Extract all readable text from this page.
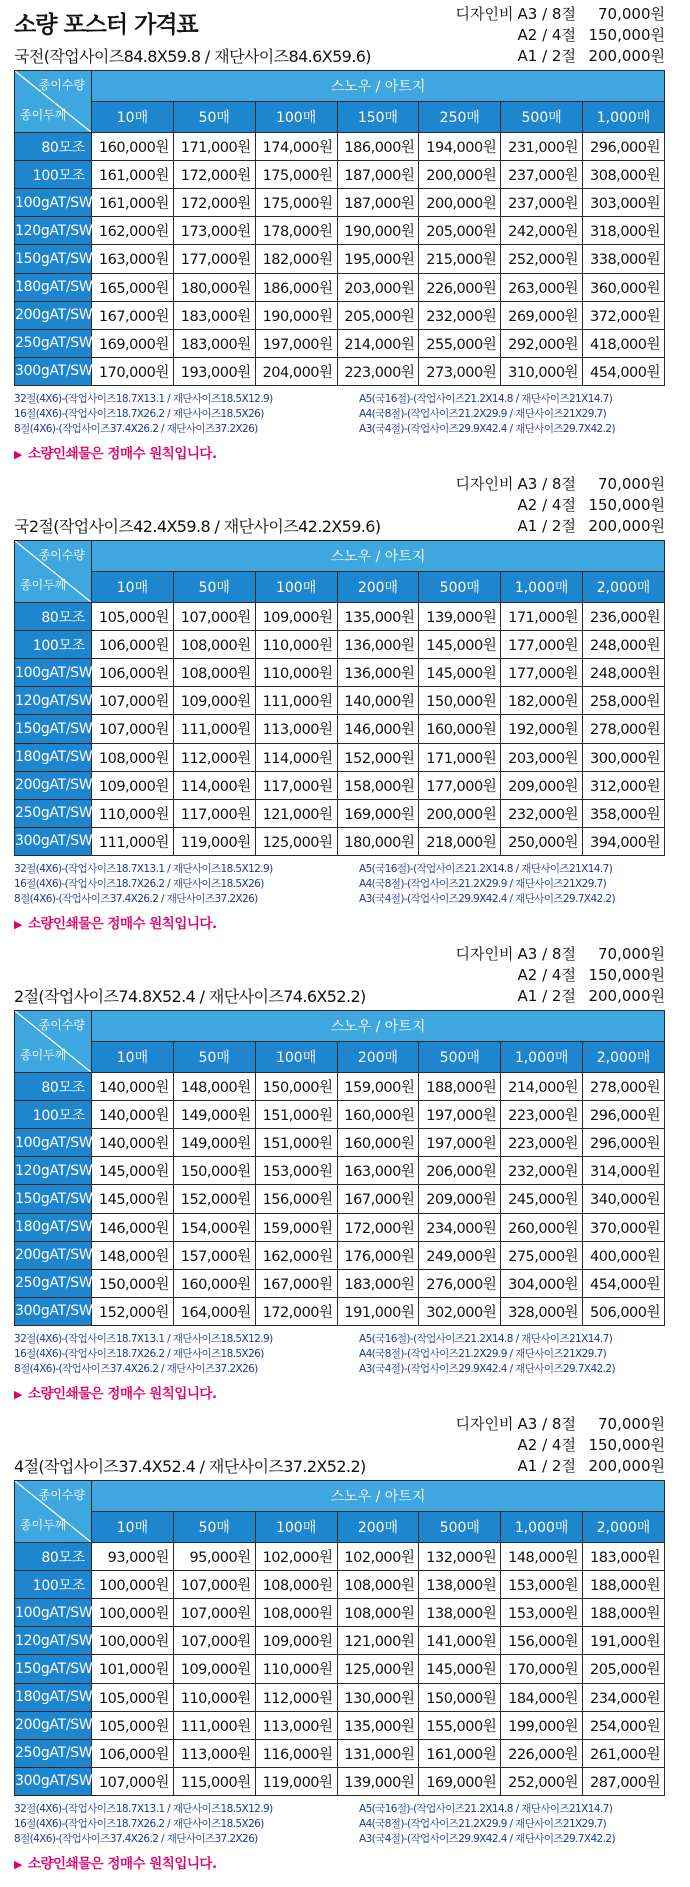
소량 포스터 가격표	디자인비 A3 / 8절	70,000원
A2 / 4절 150,000원
A1 / 2절 200,000원
국전(작업사이즈84.8X59.8 / 재단사이즈84.6X59.6)
종이수량
종이두께	스노우 / 아트지						
	10매	50매	100매	150매	250매	500매	1,000매
80모조	160,000원	171,000원	174,000원	186,000원	194,000원	231,000원	296,000원
100모조	161,000원	172,000원	175,000원	187,000원	200,000원	237,000원	308,000원
100gAT/SW	161,000원	172,000원	175,000원	187,000원	200,000원	237,000원	303,000원
120gAT/SW	162,000원	173,000원	178,000원	190,000원	205,000원	242,000원	318,000원
150gAT/SW	163,000원	177,000원	182,000원	195,000원	215,000원	252,000원	338,000원
180gAT/SW	165,000원	180,000원	186,000원	203,000원	226,000원	263,000원	360,000원
200gAT/SW	167,000원	183,000원	190,000원	205,000원	232,000원	269,000원	372,000원
250gAT/SW	169,000원	183,000원	197,000원	214,000원	255,000원	292,000원	418,000원
300gAT/SW	170,000원	193,000원	204,000원	223,000원	273,000원	310,000원	454,000원
32절(4X6)-(작업사이즈18.7X13.1 / 재단사이즈18.5X12.9)
16절(4X6)-(작업사이즈18.7X26.2 / 재단사이즈18.5X26)
8절(4X6)-(작업사이즈37.4X26.2 / 재단사이즈37.2X26)
A5(국16절)-(작업사이즈21.2X14.8 / 재단사이즈21X14.7)
A4(국8절)-(작업사이즈21.2X29.9 / 재단사이즈21X29.7)
A3(국4절)-(작업사이즈29.9X42.4 / 재단사이즈29.7X42.2)
▶ 소량인쇄물은 정매수 원칙입니다.
디자인비 A3 / 8절	70,000원
A2 / 4절 150,000원
A1 / 2절 200,000원
국2절(작업사이즈42.4X59.8 / 재단사이즈42.2X59.6)
종이수량
종이두께	스노우 / 아트지						
	10매	50매	100매	200매	500매	1,000매	2,000매
80모조	105,000원	107,000원	109,000원	135,000원	139,000원	171,000원	236,000원
100모조	106,000원	108,000원	110,000원	136,000원	145,000원	177,000원	248,000원
100gAT/SW	106,000원	108,000원	110,000원	136,000원	145,000원	177,000원	248,000원
120gAT/SW	107,000원	109,000원	111,000원	140,000원	150,000원	182,000원	258,000원
150gAT/SW	107,000원	111,000원	113,000원	146,000원	160,000원	192,000원	278,000원
180gAT/SW	108,000원	112,000원	114,000원	152,000원	171,000원	203,000원	300,000원
200gAT/SW	109,000원	114,000원	117,000원	158,000원	177,000원	209,000원	312,000원
250gAT/SW	110,000원	117,000원	121,000원	169,000원	200,000원	232,000원	358,000원
300gAT/SW	111,000원	119,000원	125,000원	180,000원	218,000원	250,000원	394,000원
32절(4X6)-(작업사이즈18.7X13.1 / 재단사이즈18.5X12.9)
16절(4X6)-(작업사이즈18.7X26.2 / 재단사이즈18.5X26)
8절(4X6)-(작업사이즈37.4X26.2 / 재단사이즈37.2X26)
A5(국16절)-(작업사이즈21.2X14.8 / 재단사이즈21X14.7)
A4(국8절)-(작업사이즈21.2X29.9 / 재단사이즈21X29.7)
A3(국4절)-(작업사이즈29.9X42.4 / 재단사이즈29.7X42.2)
▶ 소량인쇄물은 정매수 원칙입니다.
디자인비 A3 / 8절	70,000원
A2 / 4절 150,000원
A1 / 2절 200,000원
2절(작업사이즈74.8X52.4 / 재단사이즈74.6X52.2)
종이수량
종이두께	스노우 / 아트지						
	10매	50매	100매	200매	500매	1,000매	2,000매
80모조	140,000원	148,000원	150,000원	159,000원	188,000원	214,000원	278,000원
100모조	140,000원	149,000원	151,000원	160,000원	197,000원	223,000원	296,000원
100gAT/SW	140,000원	149,000원	151,000원	160,000원	197,000원	223,000원	296,000원
120gAT/SW	145,000원	150,000원	153,000원	163,000원	206,000원	232,000원	314,000원
150gAT/SW	145,000원	152,000원	156,000원	167,000원	209,000원	245,000원	340,000원
180gAT/SW	146,000원	154,000원	159,000원	172,000원	234,000원	260,000원	370,000원
200gAT/SW	148,000원	157,000원	162,000원	176,000원	249,000원	275,000원	400,000원
250gAT/SW	150,000원	160,000원	167,000원	183,000원	276,000원	304,000원	454,000원
300gAT/SW	152,000원	164,000원	172,000원	191,000원	302,000원	328,000원	506,000원
32절(4X6)-(작업사이즈18.7X13.1 / 재단사이즈18.5X12.9)
16절(4X6)-(작업사이즈18.7X26.2 / 재단사이즈18.5X26)
8절(4X6)-(작업사이즈37.4X26.2 / 재단사이즈37.2X26)
A5(국16절)-(작업사이즈21.2X14.8 / 재단사이즈21X14.7)
A4(국8절)-(작업사이즈21.2X29.9 / 재단사이즈21X29.7)
A3(국4절)-(작업사이즈29.9X42.4 / 재단사이즈29.7X42.2)
▶ 소량인쇄물은 정매수 원칙입니다.
디자인비 A3 / 8절	70,000원
A2 / 4절 150,000원
A1 / 2절 200,000원
4절(작업사이즈37.4X52.4 / 재단사이즈37.2X52.2)
종이수량
종이두께	스노우 / 아트지						
	10매	50매	100매	200매	500매	1,000매	2,000매
80모조	93,000원	95,000원	102,000원	102,000원	132,000원	148,000원	183,000원
100모조	100,000원	107,000원	108,000원	108,000원	138,000원	153,000원	188,000원
100gAT/SW	100,000원	107,000원	108,000원	108,000원	138,000원	153,000원	188,000원
120gAT/SW	100,000원	107,000원	109,000원	121,000원	141,000원	156,000원	191,000원
150gAT/SW	101,000원	109,000원	110,000원	125,000원	145,000원	170,000원	205,000원
180gAT/SW	105,000원	110,000원	112,000원	130,000원	150,000원	184,000원	234,000원
200gAT/SW	105,000원	111,000원	113,000원	135,000원	155,000원	199,000원	254,000원
250gAT/SW	106,000원	113,000원	116,000원	131,000원	161,000원	226,000원	261,000원
300gAT/SW	107,000원	115,000원	119,000원	139,000원	169,000원	252,000원	287,000원
32절(4X6)-(작업사이즈18.7X13.1 / 재단사이즈18.5X12.9)
16절(4X6)-(작업사이즈18.7X26.2 / 재단사이즈18.5X26)
8절(4X6)-(작업사이즈37.4X26.2 / 재단사이즈37.2X26)
A5(국16절)-(작업사이즈21.2X14.8 / 재단사이즈21X14.7)
A4(국8절)-(작업사이즈21.2X29.9 / 재단사이즈21X29.7)
A3(국4절)-(작업사이즈29.9X42.4 / 재단사이즈29.7X42.2)
▶ 소량인쇄물은 정매수 원칙입니다.
